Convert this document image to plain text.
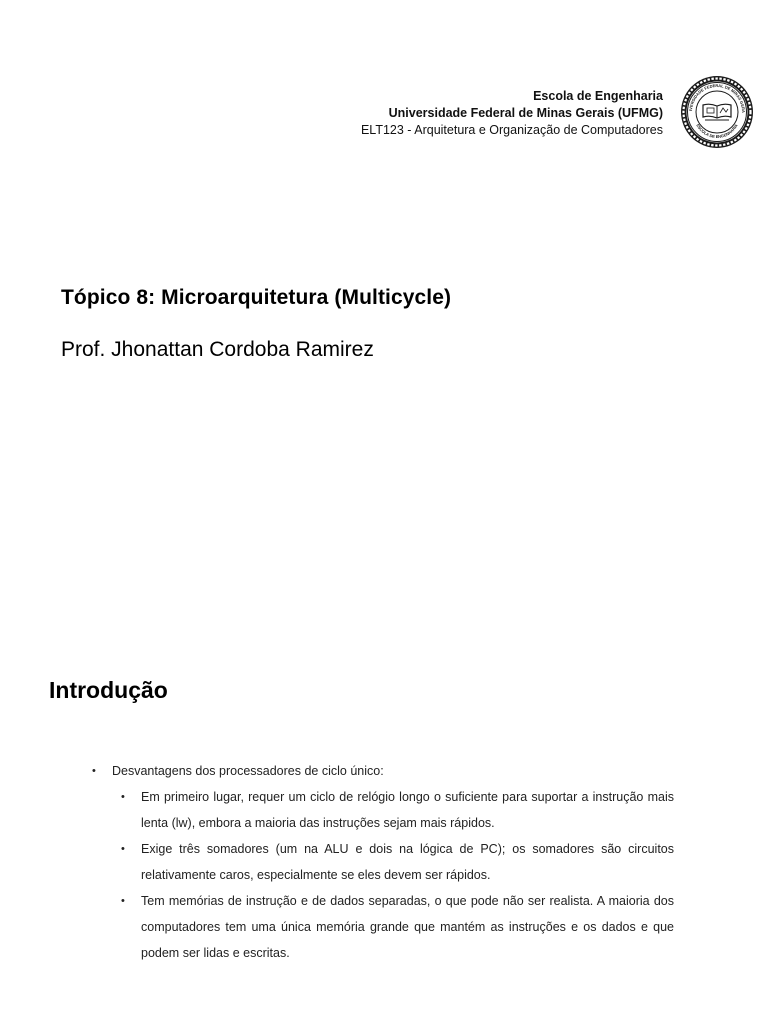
Escola de Engenharia
Universidade Federal de Minas Gerais (UFMG)
ELT123 - Arquitetura e Organização de Computadores
IVERSIDADE FEDERAL DE MINAS GERA
ESCOLA DE ENGENHARIA
Tópico 8: Microarquitetura (Multicycle)
Prof. Jhonattan Cordoba Ramirez
Introdução
•	Desvantagens dos processadores de ciclo único:
•	Em primeiro lugar, requer um ciclo de relógio longo o suficiente para suportar a instrução mais lenta (lw), embora a maioria das instruções sejam mais rápidos.
•	Exige três somadores (um na ALU e dois na lógica de PC); os somadores são circuitos relativamente caros, especialmente se eles devem ser rápidos.
•	Tem memórias de instrução e de dados separadas, o que pode não ser realista. A maioria dos computadores tem uma única memória grande que mantém as instruções e os dados e que podem ser lidas e escritas.
